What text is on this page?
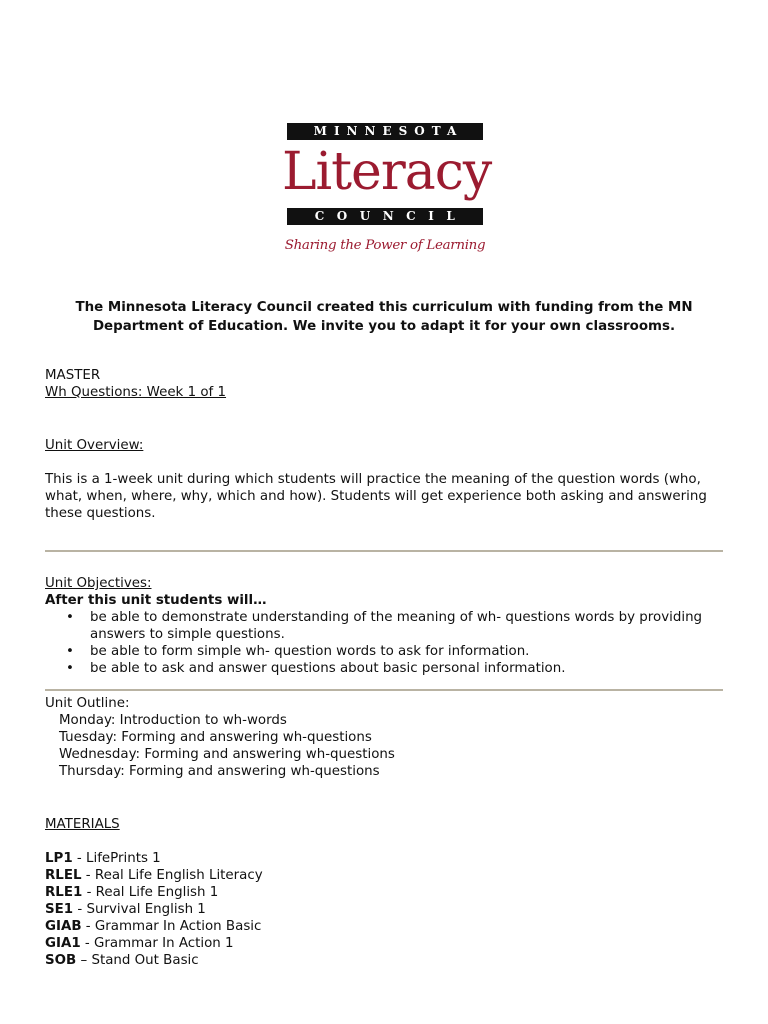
MINNESOTA
Literacy
COUNCIL
Sharing the Power of Learning
The Minnesota Literacy Council created this curriculum with funding from the MN Department of Education. We invite you to adapt it for your own classrooms.
MASTER
Wh Questions: Week 1 of 1
Unit Overview:
This is a 1-week unit during which students will practice the meaning of the question words (who, what, when, where, why, which and how). Students will get experience both asking and answering these questions.
Unit Objectives:
After this unit students will…
• be able to demonstrate understanding of the meaning of wh- questions words by providing answers to simple questions.
• be able to form simple wh- question words to ask for information.
• be able to ask and answer questions about basic personal information.
Unit Outline:
Monday: Introduction to wh-words
Tuesday: Forming and answering wh-questions
Wednesday: Forming and answering wh-questions
Thursday: Forming and answering wh-questions
MATERIALS
LP1 - LifePrints 1
RLEL - Real Life English Literacy
RLE1 - Real Life English 1
SE1 - Survival English 1
GIAB - Grammar In Action Basic
GIA1 - Grammar In Action 1
SOB – Stand Out Basic
